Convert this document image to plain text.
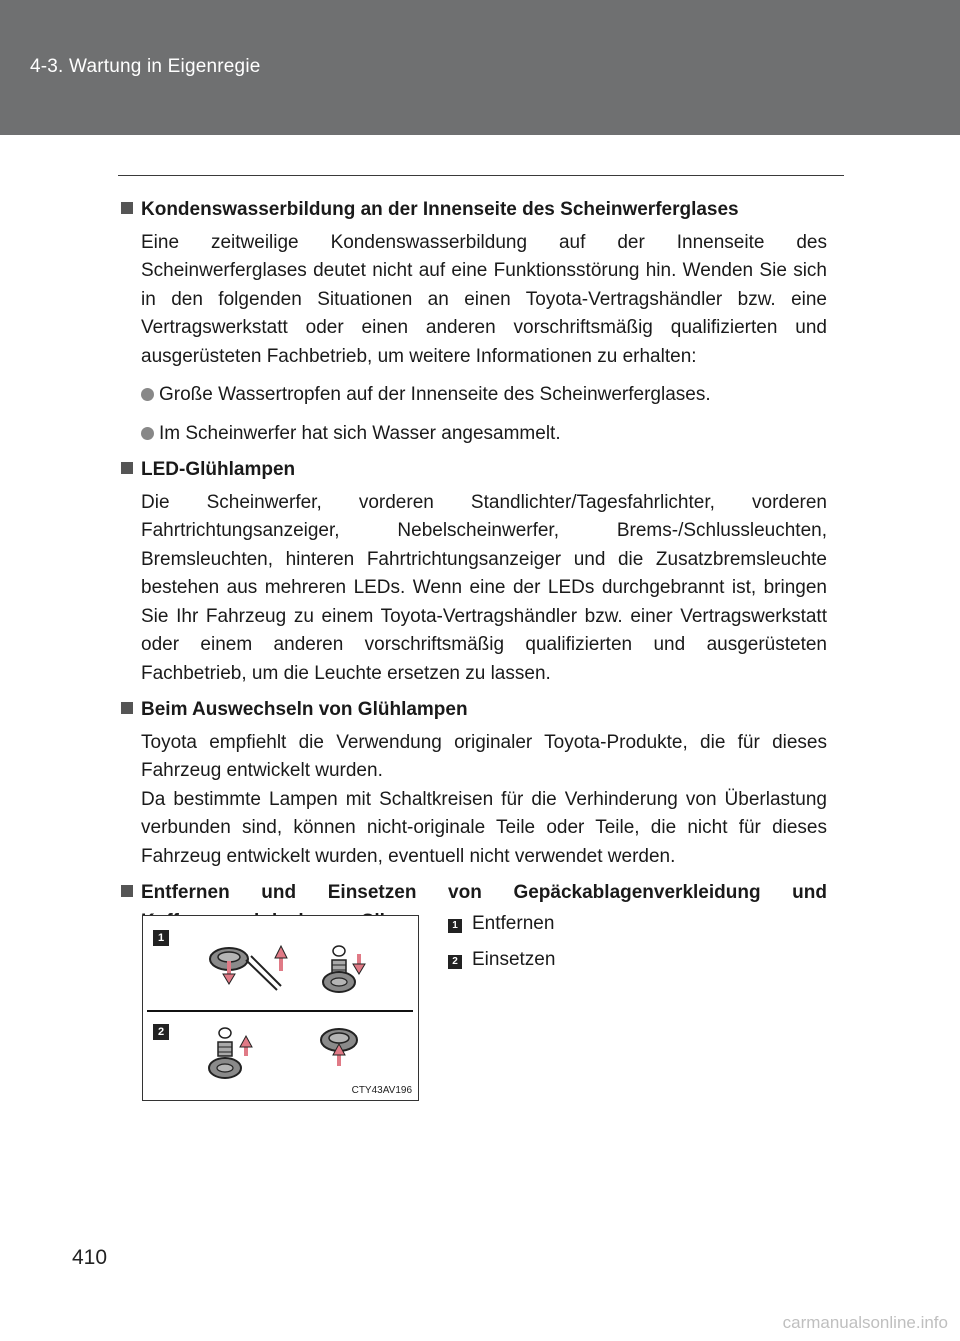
4-3. Wartung in Eigenregie

Kondenswasserbildung an der Innenseite des Scheinwerferglases

Eine zeitweilige Kondenswasserbildung auf der Innenseite des Scheinwerferglases deutet nicht auf eine Funktionsstörung hin. Wenden Sie sich in den folgenden Situationen an einen Toyota-Vertragshändler bzw. eine Vertragswerkstatt oder einen anderen vorschriftsmäßig qualifizierten und ausgerüsteten Fachbetrieb, um weitere Informationen zu erhalten:

Große Wassertropfen auf der Innenseite des Scheinwerferglases.
Im Scheinwerfer hat sich Wasser angesammelt.

LED-Glühlampen

Die Scheinwerfer, vorderen Standlichter/Tagesfahrlichter, vorderen Fahrtrichtungsanzeiger, Nebelscheinwerfer, Brems-/Schlussleuchten, Bremsleuchten, hinteren Fahrtrichtungsanzeiger und die Zusatzbremsleuchte bestehen aus mehreren LEDs. Wenn eine der LEDs durchgebrannt ist, bringen Sie Ihr Fahrzeug zu einem Toyota-Vertragshändler bzw. einer Vertragswerkstatt oder einem anderen vorschriftsmäßig qualifizierten und ausgerüsteten Fachbetrieb, um die Leuchte ersetzen zu lassen.

Beim Auswechseln von Glühlampen

Toyota empfiehlt die Verwendung originaler Toyota-Produkte, die für dieses Fahrzeug entwickelt wurden.

Da bestimmte Lampen mit Schaltkreisen für die Verhinderung von Überlastung verbunden sind, können nicht-originale Teile oder Teile, die nicht für dieses Fahrzeug entwickelt wurden, eventuell nicht verwendet werden.

Entfernen und Einsetzen von Gepäckablagenverkleidung und

1
2
CTY43AV196
1 Entfernen
2 Einsetzen
410
carmanualsonline.info
